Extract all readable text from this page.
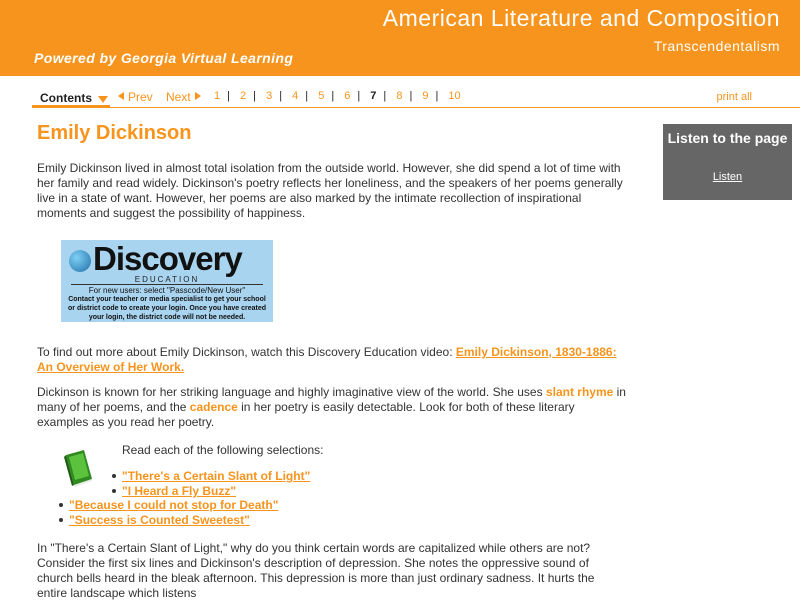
American Literature and Composition
Transcendentalism
Powered by Georgia Virtual Learning
Contents	Prev Next	1 | 2 | 3 | 4 | 5 | 6 | 7 | 8 | 9 | 10	print all
Emily Dickinson

Emily Dickinson lived in almost total isolation from the outside world. However, she did spend a lot of time with her family and read widely. Dickinson's poetry reflects her loneliness, and the speakers of her poems generally live in a state of want. However, her poems are also marked by the intimate recollection of inspirational moments and suggest the possibility of happiness.

Discovery
EDUCATION
For new users: select "Passcode/New User"
Contact your teacher or media specialist to get your school or district code to create your login. Once you have created your login, the district code will not be needed.

To find out more about Emily Dickinson, watch this Discovery Education video: Emily Dickinson, 1830-1886: An Overview of Her Work.

Dickinson is known for her striking language and highly imaginative view of the world. She uses slant rhyme in many of her poems, and the cadence in her poetry is easily detectable. Look for both of these literary examples as you read her poetry.

Read each of the following selections:
"There's a Certain Slant of Light"
"I Heard a Fly Buzz"
"Because I could not stop for Death"
"Success is Counted Sweetest"

In "There's a Certain Slant of Light," why do you think certain words are capitalized while others are not? Consider the first six lines and Dickinson's description of depression. She notes the oppressive sound of church bells heard in the bleak afternoon. This depression is more than just ordinary sadness. It hurts the entire landscape which listens

Listen to the page
Listen
